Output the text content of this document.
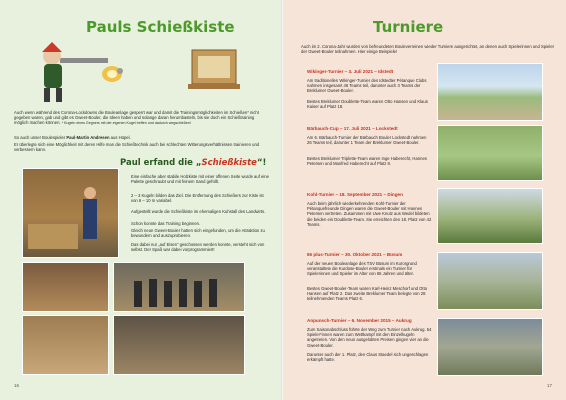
Pauls Schießkiste
Auch wenn während des Corona-Lockdowns die Bouleanlage gesperrt war und damit die Trainingsmöglichkeiten im Schießen* nicht gegeben waren, gab und gibt es Gweet-Bouler, die Ideen haben und solange daran herumbasteln, bis sie doch ein Schießtraining möglich machen können. * Kugeln eines Gegners mit der eigenen Kugel treffen und dadurch wegschießen!
So auch unser Boulespieler Paul-Martin Andresen aus Hüpel.
Er überlegte sich eine Möglichkeit mit deren Hilfe man die Schießtechnik auch bei schlechten Witterungsverhältnissen trainieren und verbessern kann.
Paul erfand die „Schießkiste“!
Eine einfache aber stabile Holzkiste mit einer offenen Seite wurde auf eine Palette geschraubt und mit feinem Sand gefüllt.
2 – 3 Kugeln bilden das Ziel. Die Entfernung des Schießers zur Kiste ist von 6 – 10 m variabel.
Aufgestellt wurde die Schießkiste im ehemaligen Kuhstall des Landwirts.
Schon konnte das Training beginnen.
Gleich neun Gweet-Bouler hatten sich eingefunden, um die Attraktion zu bewundern und auszuprobieren.
Das dabei nur „auf Eisen“ geschossen werden konnte, versteht sich von selbst. Der Spaß war dabei vorprogrammiert!
16
Turniere
Auch im 2. Corona-Jahr wurden von befreundeten Bouleverreinen wieder Turniere ausgerichtet, an denen auch Spielerinnen und Spieler der Gweet-Bouler teilnahmen. Hier einige Beispiele!
Wikinger-Turnier – 3. Juli 2021 – Idstedt
Am traditionellen Wikinger-Turnier des Idstedter Pétanque Clubs nahmen insgesamt 46 Teams teil, darunter auch 3 Teams der Breklumer Gweet-Bouler.
Bestes Breklumer Doublette-Team waren Otto Hansen und Klaus Kaiser auf Platz 18.
Bärbauch-Cup – 17. Juli 2021 – Lockstedt
Am 6. Bärbauch-Turnier der Bärbauch Bouler Lockstedt nahmen 26 Teams teil, darunter 1 Team der Breklumer Gweet-Bouler.
Bestes Breklumer Triplette-Team waren Inge Haberecht, Hannes Petersen und Manfred Haberecht auf Platz 8.
Kohl-Turnier – 18. September 2021 – Dingen
Auch beim jährlich wiederkehrenden Kohl-Turnier der Pétanquefreunde Dingen waren die Gweet-Bouler mit Hannes Petersen vertreten. Zusammen mit Uwe Knutz aus Wedel bildeten die beiden ein Doublette-Team. Sie erreichten den 18. Platz von 42 Teams.
65 plus-Turnier – 30. Oktober 2021 – Büsum
Auf der neuen Bouleanlage des TSV Büsum im Kurorgrund veranstaltete die Kurdose-Bouler erstmals ein Turnier für Spielerinnen und Spieler im Alter von 65 Jahren und älter.
Bestes Gweet-Bouler-Team waren Karl-Heinz Meschorf und Otto Hansen auf Platz 2. Das zweite Breklumer Team belegte von 28 teilnehmenden Teams Platz 6.
Anpunsch-Turnier – 6. November 2015 – Aukrug
Zum Saisonabschluss führte der Weg zum Turnier nach Aukrug. 54 Spieler*innen waren zum Wettkampf mit den Einzelkugeln angetreten. Von den neun ausgelobten Preisen gingen vier an die Gweet-Bouler.
Darunter auch der 1. Platz, den Claus Staedel sich ungeschlagen erkämpft hatte.
17
